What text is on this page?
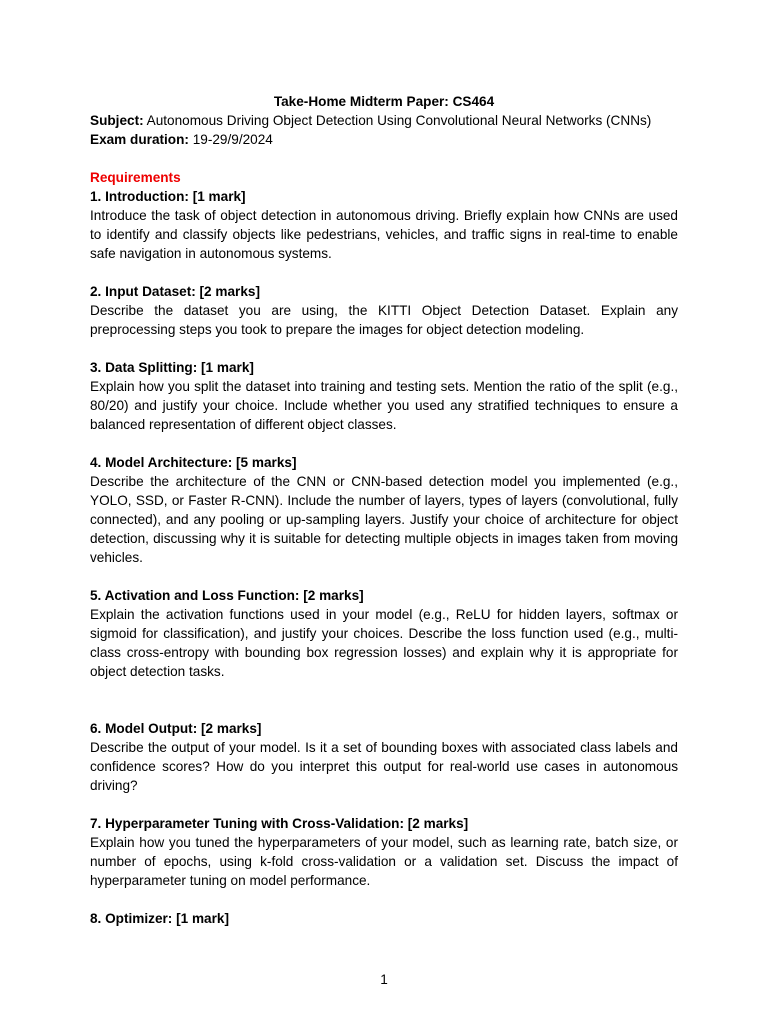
Take-Home Midterm Paper: CS464

Subject: Autonomous Driving Object Detection Using Convolutional Neural Networks (CNNs)

Exam duration: 19-29/9/2024

Requirements

1. Introduction: [1 mark]

Introduce the task of object detection in autonomous driving. Briefly explain how CNNs are used to identify and classify objects like pedestrians, vehicles, and traffic signs in real-time to enable safe navigation in autonomous systems.

2. Input Dataset: [2 marks]

Describe the dataset you are using, the KITTI Object Detection Dataset. Explain any preprocessing steps you took to prepare the images for object detection modeling.

3. Data Splitting: [1 mark]

Explain how you split the dataset into training and testing sets. Mention the ratio of the split (e.g., 80/20) and justify your choice. Include whether you used any stratified techniques to ensure a balanced representation of different object classes.

4. Model Architecture: [5 marks]

Describe the architecture of the CNN or CNN-based detection model you implemented (e.g., YOLO, SSD, or Faster R-CNN). Include the number of layers, types of layers (convolutional, fully connected), and any pooling or up-sampling layers. Justify your choice of architecture for object detection, discussing why it is suitable for detecting multiple objects in images taken from moving vehicles.

5. Activation and Loss Function: [2 marks]

Explain the activation functions used in your model (e.g., ReLU for hidden layers, softmax or sigmoid for classification), and justify your choices. Describe the loss function used (e.g., multi-class cross-entropy with bounding box regression losses) and explain why it is appropriate for object detection tasks.

6. Model Output: [2 marks]

Describe the output of your model. Is it a set of bounding boxes with associated class labels and confidence scores? How do you interpret this output for real-world use cases in autonomous driving?

7. Hyperparameter Tuning with Cross-Validation: [2 marks]

Explain how you tuned the hyperparameters of your model, such as learning rate, batch size, or number of epochs, using k-fold cross-validation or a validation set. Discuss the impact of hyperparameter tuning on model performance.

8. Optimizer: [1 mark]

1
